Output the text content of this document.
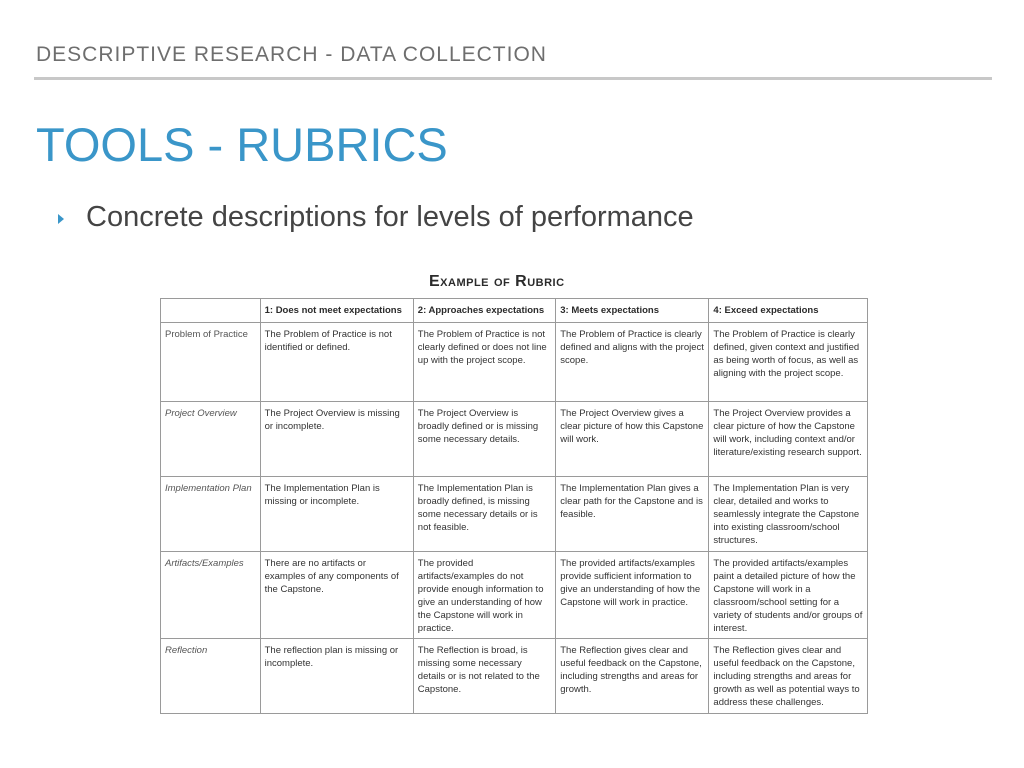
DESCRIPTIVE RESEARCH - DATA COLLECTION
TOOLS - RUBRICS
Concrete descriptions for levels of performance
Example of Rubric
	1: Does not meet expectations	2: Approaches expectations	3: Meets expectations	4: Exceed expectations
Problem of Practice	The Problem of Practice is not identified or defined.	The Problem of Practice is not clearly defined or does not line up with the project scope.	The Problem of Practice is clearly defined and aligns with the project scope.	The Problem of Practice is clearly defined, given context and justified as being worth of focus, as well as aligning with the project scope.
Project Overview	The Project Overview is missing or incomplete.	The Project Overview is broadly defined or is missing some necessary details.	The Project Overview gives a clear picture of how this Capstone will work.	The Project Overview provides a clear picture of how the Capstone will work, including context and/or literature/existing research support.
Implementation Plan	The Implementation Plan is missing or incomplete.	The Implementation Plan is broadly defined, is missing some necessary details or is not feasible.	The Implementation Plan gives a clear path for the Capstone and is feasible.	The Implementation Plan is very clear, detailed and works to seamlessly integrate the Capstone into existing classroom/school structures.
Artifacts/Examples	There are no artifacts or examples of any components of the Capstone.	The provided artifacts/examples do not provide enough information to give an understanding of how the Capstone will work in practice.	The provided artifacts/examples provide sufficient information to give an understanding of how the Capstone will work in practice.	The provided artifacts/examples paint a detailed picture of how the Capstone will work in a classroom/school setting for a variety of students and/or groups of interest.
Reflection	The reflection plan is missing or incomplete.	The Reflection is broad, is missing some necessary details or is not related to the Capstone.	The Reflection gives clear and useful feedback on the Capstone, including strengths and areas for growth.	The Reflection gives clear and useful feedback on the Capstone, including strengths and areas for growth as well as potential ways to address these challenges.
